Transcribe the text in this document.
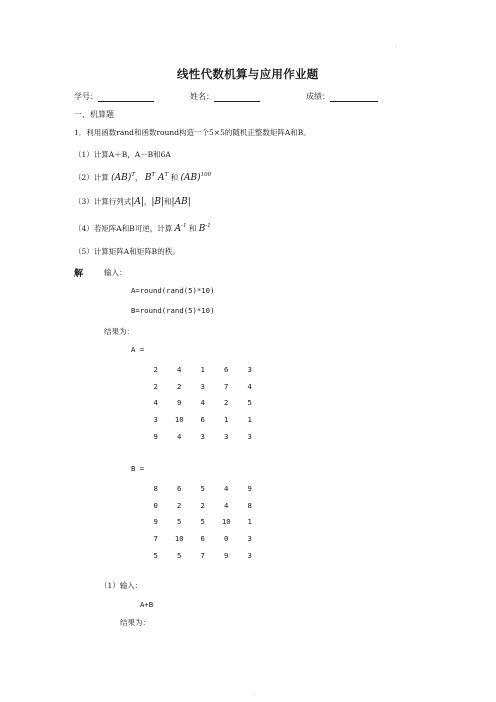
.
线性代数机算与应用作业题
学号：	姓名：	成绩：
一、机算题
1．利用函数rand和函数round构造一个5×5的随机正整数矩阵A和B。
（1）计算A＋B，A－B和6A
（2）计算 (AB)$^T$， $B^T$ $A^T$ 和 (AB)$^{100}$
（3）计算行列式|A|，|B|和|AB|
（4）若矩阵A和B可逆，计算 $A^{-1}$ 和 $B^{-1}$
（5）计算矩阵A和矩阵B的秩。
解	输入：
A=round(rand(5)*10)
B=round(rand(5)*10)
结果为：
A =
2	4	1	6	3
2	2	3	7	4
4	9	4	2	5
3	10	6	1	1
9	4	3	3	3
B =
8	6	5	4	9
0	2	2	4	8
9	5	5	10	1
7	10	6	0	3
5	5	7	9	3
（1）输入：
A+B
结果为：
.
